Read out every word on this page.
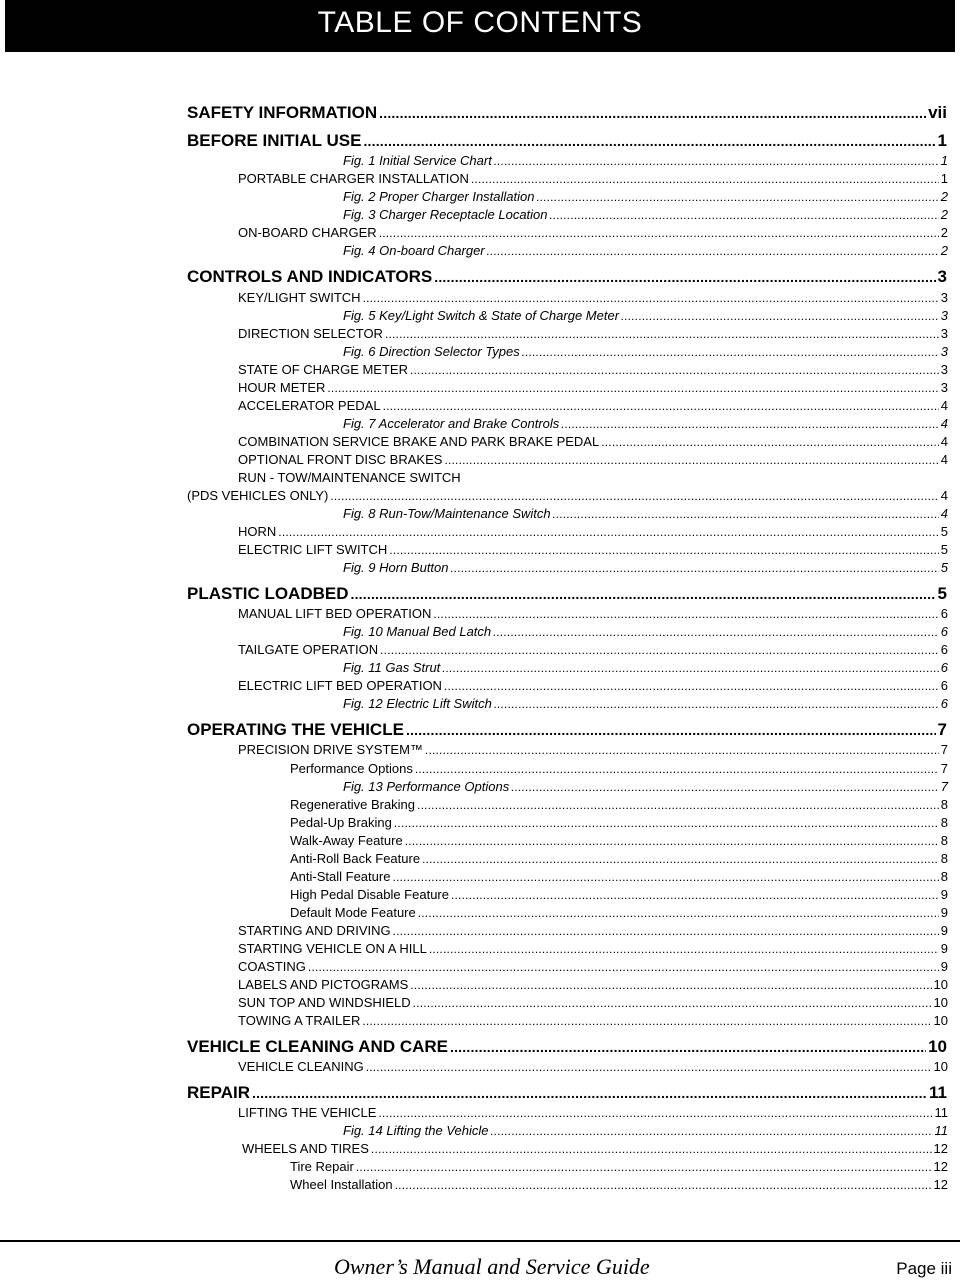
TABLE OF CONTENTS
SAFETY INFORMATION .....	vii
BEFORE INITIAL USE .....	1
Fig. 1 Initial Service Chart .....	1
PORTABLE CHARGER INSTALLATION .....	1
Fig. 2 Proper Charger Installation .....	2
Fig. 3 Charger Receptacle Location .....	2
ON-BOARD CHARGER .....	2
Fig. 4 On-board Charger .....	2
CONTROLS AND INDICATORS .....	3
KEY/LIGHT SWITCH .....	3
Fig. 5 Key/Light Switch & State of Charge Meter .....	3
DIRECTION SELECTOR .....	3
Fig. 6 Direction Selector Types .....	3
STATE OF CHARGE METER .....	3
HOUR METER .....	3
ACCELERATOR PEDAL .....	4
Fig. 7 Accelerator and Brake Controls .....	4
COMBINATION SERVICE BRAKE AND PARK BRAKE PEDAL .....	4
OPTIONAL FRONT DISC BRAKES .....	4
RUN - TOW/MAINTENANCE SWITCH
(PDS VEHICLES ONLY) .....	4
Fig. 8 Run-Tow/Maintenance Switch .....	4
HORN .....	5
ELECTRIC LIFT SWITCH .....	5
Fig. 9 Horn Button .....	5
PLASTIC LOADBED .....	5
MANUAL LIFT BED OPERATION .....	6
Fig. 10 Manual Bed Latch .....	6
TAILGATE OPERATION .....	6
Fig. 11 Gas Strut .....	6
ELECTRIC LIFT BED OPERATION .....	6
Fig. 12 Electric Lift Switch .....	6
OPERATING THE VEHICLE .....	7
PRECISION DRIVE SYSTEM™ .....	7
Performance Options .....	7
Fig. 13 Performance Options .....	7
Regenerative Braking .....	8
Pedal-Up Braking .....	8
Walk-Away Feature .....	8
Anti-Roll Back Feature .....	8
Anti-Stall Feature .....	8
High Pedal Disable Feature .....	9
Default Mode Feature .....	9
STARTING AND DRIVING .....	9
STARTING VEHICLE ON A HILL .....	9
COASTING .....	9
LABELS AND PICTOGRAMS .....	10
SUN TOP AND WINDSHIELD .....	10
TOWING A TRAILER .....	10
VEHICLE CLEANING AND CARE .....	10
VEHICLE CLEANING .....	10
REPAIR .....	11
LIFTING THE VEHICLE .....	11
Fig. 14 Lifting the Vehicle .....	11
WHEELS AND TIRES .....	12
Tire Repair .....	12
Wheel Installation .....	12
Owner’s Manual and Service Guide	Page iii
